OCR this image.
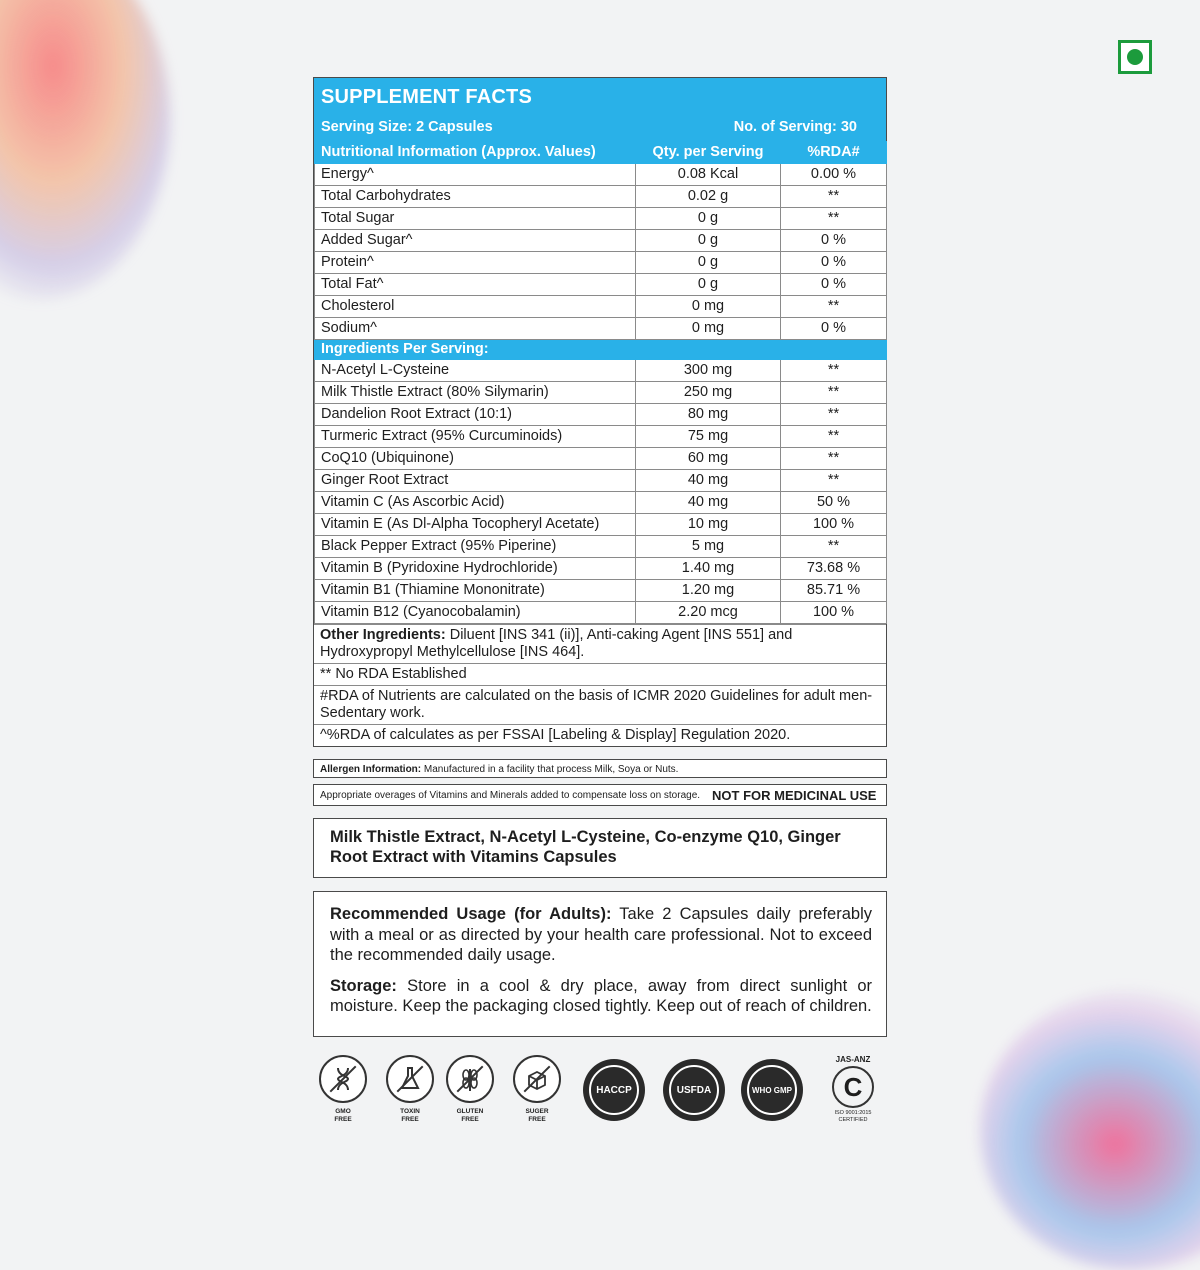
SUPPLEMENT FACTS
Serving Size: 2 Capsules	No. of Serving: 30
Nutritional Information (Approx. Values)	Qty. per Serving	%RDA#
Energy^	0.08 Kcal	0.00 %
Total Carbohydrates	0.02 g	**
Total Sugar	0 g	**
Added Sugar^	0 g	0 %
Protein^	0 g	0 %
Total Fat^	0 g	0 %
Cholesterol	0 mg	**
Sodium^	0 mg	0 %
Ingredients Per Serving:		
N-Acetyl L-Cysteine	300 mg	**
Milk Thistle Extract (80% Silymarin)	250 mg	**
Dandelion Root Extract (10:1)	80 mg	**
Turmeric Extract (95% Curcuminoids)	75 mg	**
CoQ10 (Ubiquinone)	60 mg	**
Ginger Root Extract	40 mg	**
Vitamin C (As Ascorbic Acid)	40 mg	50 %
Vitamin E (As Dl-Alpha Tocopheryl Acetate)	10 mg	100 %
Black Pepper Extract (95% Piperine)	5 mg	**
Vitamin B (Pyridoxine Hydrochloride)	1.40 mg	73.68 %
Vitamin B1 (Thiamine Mononitrate)	1.20 mg	85.71 %
Vitamin B12 (Cyanocobalamin)	2.20 mcg	100 %
Other Ingredients: Diluent [INS 341 (ii)], Anti-caking Agent [INS 551] and Hydroxypropyl Methylcellulose [INS 464].
** No RDA Established
#RDA of Nutrients are calculated on the basis of ICMR 2020 Guidelines for adult men-Sedentary work.
^%RDA of calculates as per FSSAI [Labeling & Display] Regulation 2020.
Allergen Information: Manufactured in a facility that process Milk, Soya or Nuts.
Appropriate overages of Vitamins and Minerals added to compensate loss on storage. NOT FOR MEDICINAL USE
Milk Thistle Extract, N-Acetyl L-Cysteine, Co-enzyme Q10, Ginger Root Extract with Vitamins Capsules

Recommended Usage (for Adults): Take 2 Capsules daily preferably with a meal or as directed by your health care professional. Not to exceed the recommended daily usage.

Storage: Store in a cool & dry place, away from direct sunlight or moisture. Keep the packaging closed tightly. Keep out of reach of children.

GMO
FREE
TOXIN
FREE
GLUTEN
FREE
SUGER
FREE
HACCP	USFDA	WHO GMP
JAS-ANZ
C
ISO 9001:2015 CERTIFIED
